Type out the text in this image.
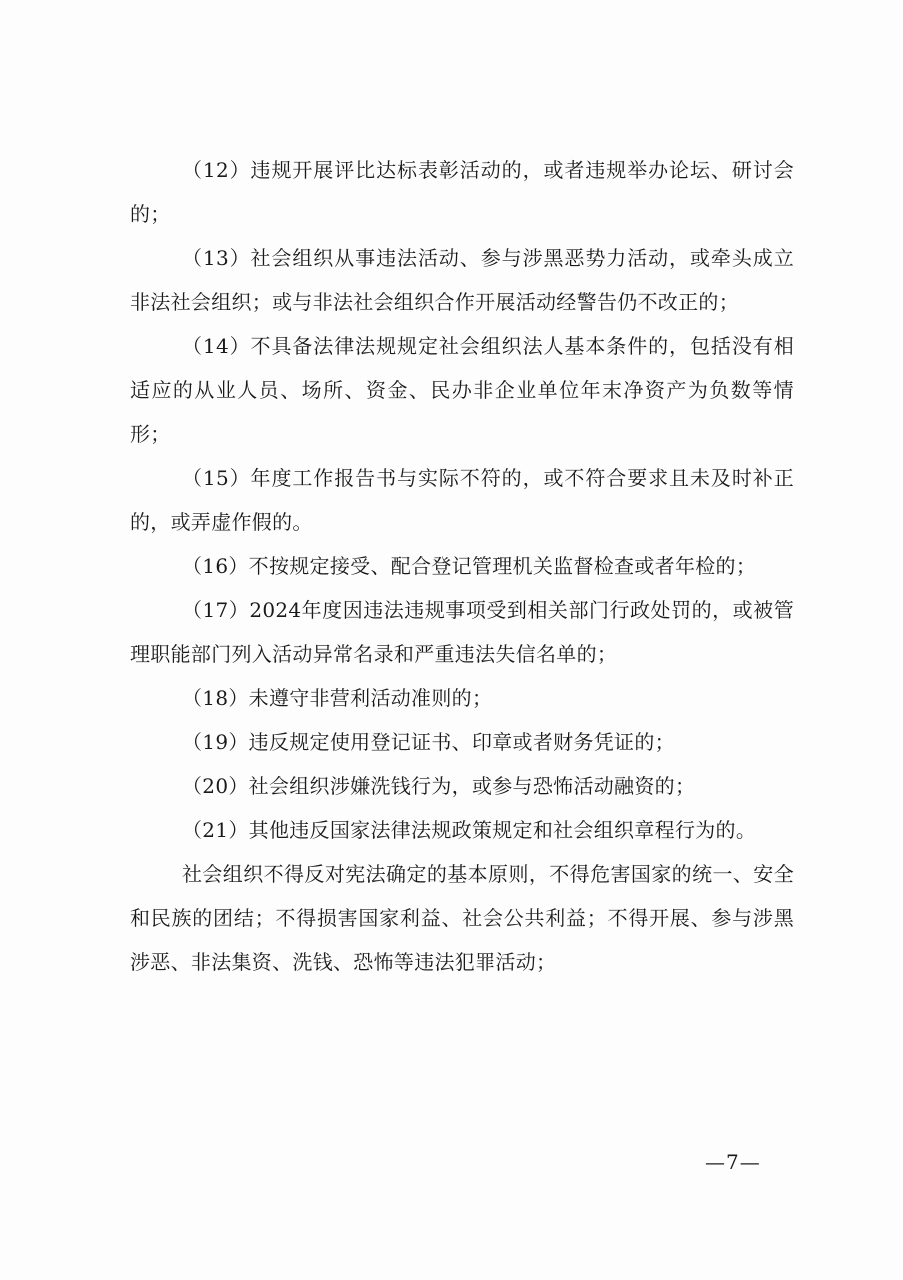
（12）违规开展评比达标表彰活动的，或者违规举办论坛、研讨会的；

（13）社会组织从事违法活动、参与涉黑恶势力活动，或牵头成立非法社会组织；或与非法社会组织合作开展活动经警告仍不改正的；

（14）不具备法律法规规定社会组织法人基本条件的，包括没有相适应的从业人员、场所、资金、民办非企业单位年末净资产为负数等情形；

（15）年度工作报告书与实际不符的，或不符合要求且未及时补正的，或弄虚作假的。

（16）不按规定接受、配合登记管理机关监督检查或者年检的；

（17）2024年度因违法违规事项受到相关部门行政处罚的，或被管理职能部门列入活动异常名录和严重违法失信名单的；

（18）未遵守非营利活动准则的；

（19）违反规定使用登记证书、印章或者财务凭证的；

（20）社会组织涉嫌洗钱行为，或参与恐怖活动融资的；

（21）其他违反国家法律法规政策规定和社会组织章程行为的。

社会组织不得反对宪法确定的基本原则，不得危害国家的统一、安全和民族的团结；不得损害国家利益、社会公共利益；不得开展、参与涉黑涉恶、非法集资、洗钱、恐怖等违法犯罪活动；

—7—
